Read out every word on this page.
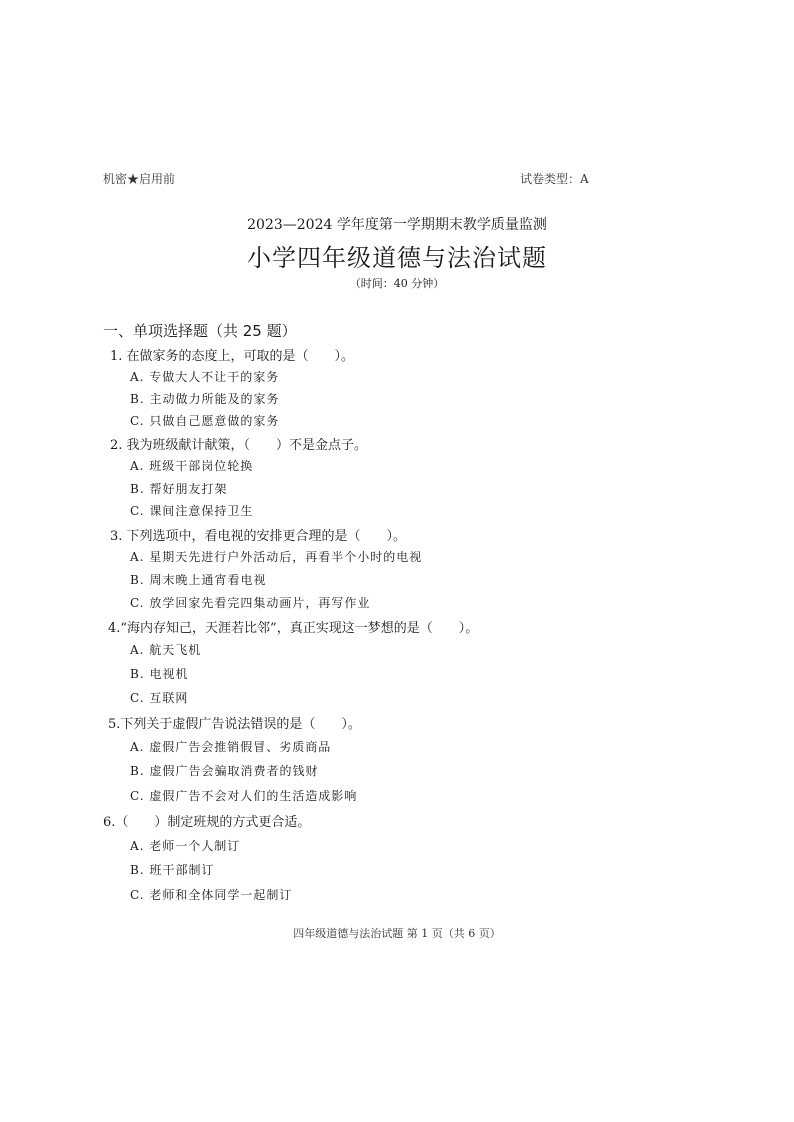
机密★启用前	试卷类型：A
2023—2024 学年度第一学期期末教学质量监测
小学四年级道德与法治试题
（时间：40 分钟）
一、单项选择题（共 25 题）
1. 在做家务的态度上，可取的是（　　）。
A. 专做大人不让干的家务
B. 主动做力所能及的家务
C. 只做自己愿意做的家务
2. 我为班级献计献策，（　　）不是金点子。
A. 班级干部岗位轮换
B. 帮好朋友打架
C. 课间注意保持卫生
3. 下列选项中，看电视的安排更合理的是（　　）。
A. 星期天先进行户外活动后，再看半个小时的电视
B. 周末晚上通宵看电视
C. 放学回家先看完四集动画片，再写作业
4.“海内存知己，天涯若比邻”，真正实现这一梦想的是（　　）。
A. 航天飞机
B. 电视机
C. 互联网
5.下列关于虚假广告说法错误的是（　　）。
A. 虚假广告会推销假冒、劣质商品
B. 虚假广告会骗取消费者的钱财
C. 虚假广告不会对人们的生活造成影响
6.（　　）制定班规的方式更合适。
A. 老师一个人制订
B. 班干部制订
C. 老师和全体同学一起制订
四年级道德与法治试题 第 1 页（共 6 页）
